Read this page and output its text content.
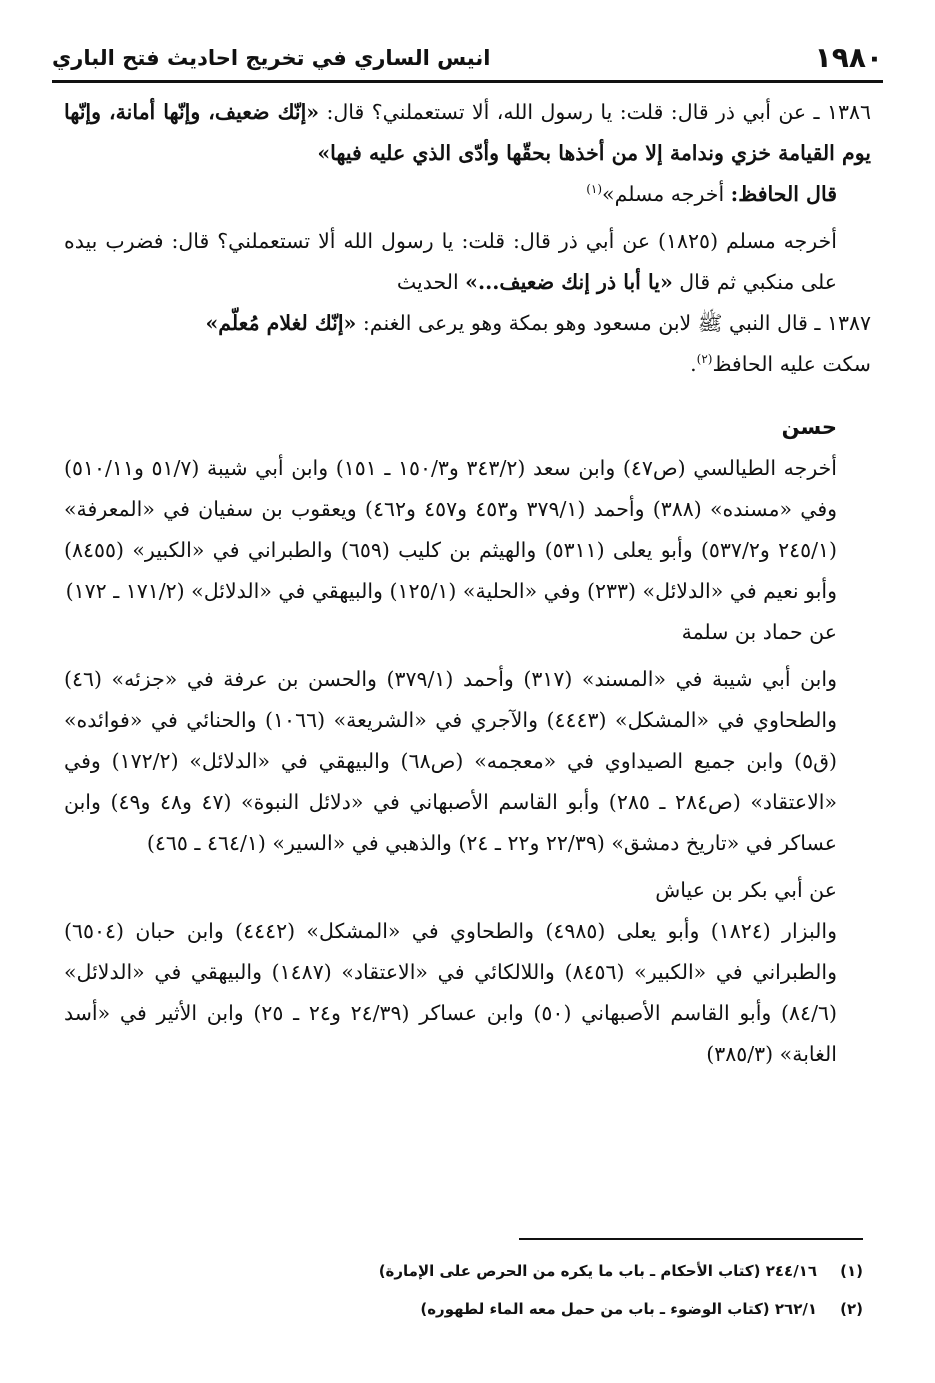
١٩٨٠
انيس الساري في تخريج احاديث فتح الباري

١٣٨٦ ـ عن أبي ذر قال: قلت: يا رسول الله، ألا تستعملني؟ قال: «إنّك ضعيف، وإنّها أمانة، وإنّها يوم القيامة خزي وندامة إلا من أخذها بحقّها وأدّى الذي عليه فيها»

قال الحافظ: أخرجه مسلم»$^{(١)}$

أخرجه مسلم (١٨٢٥) عن أبي ذر قال: قلت: يا رسول الله ألا تستعملني؟ قال: فضرب بيده على منكبي ثم قال «يا أبا ذر إنك ضعيف...» الحديث

١٣٨٧ ـ قال النبي ﷺ لابن مسعود وهو بمكة وهو يرعى الغنم: «إنّك لغلام مُعلّم»

سكت عليه الحافظ$^{(٢)}$.

حسن

أخرجه الطيالسي (ص٤٧) وابن سعد (٣٤٣/٢ و١٥٠/٣ ـ ١٥١) وابن أبي شيبة (٥١/٧ و٥١٠/١١) وفي «مسنده» (٣٨٨) وأحمد (٣٧٩/١ و٤٥٣ و٤٥٧ و٤٦٢) ويعقوب بن سفيان في «المعرفة» (٢٤٥/١ و٥٣٧/٢) وأبو يعلى (٥٣١١) والهيثم بن كليب (٦٥٩) والطبراني في «الكبير» (٨٤٥٥) وأبو نعيم في «الدلائل» (٢٣٣) وفي «الحلية» (١٢٥/١) والبيهقي في «الدلائل» (١٧١/٢ ـ ١٧٢)

عن حماد بن سلمة

وابن أبي شيبة في «المسند» (٣١٧) وأحمد (٣٧٩/١) والحسن بن عرفة في «جزئه» (٤٦) والطحاوي في «المشكل» (٤٤٤٣) والآجري في «الشريعة» (١٠٦٦) والحنائي في «فوائده» (ق٥) وابن جميع الصيداوي في «معجمه» (ص٦٨) والبيهقي في «الدلائل» (١٧٢/٢) وفي «الاعتقاد» (ص٢٨٤ ـ ٢٨٥) وأبو القاسم الأصبهاني في «دلائل النبوة» (٤٧ و٤٨ و٤٩) وابن عساكر في «تاريخ دمشق» (٢٢/٣٩ و٢٢ ـ ٢٤) والذهبي في «السير» (٤٦٤/١ ـ ٤٦٥)

عن أبي بكر بن عياش

والبزار (١٨٢٤) وأبو يعلى (٤٩٨٥) والطحاوي في «المشكل» (٤٤٤٢) وابن حبان (٦٥٠٤) والطبراني في «الكبير» (٨٤٥٦) واللالكائي في «الاعتقاد» (١٤٨٧) والبيهقي في «الدلائل» (٨٤/٦) وأبو القاسم الأصبهاني (٥٠) وابن عساكر (٢٤/٣٩ و٢٤ ـ ٢٥) وابن الأثير في «أسد الغابة» (٣٨٥/٣)

(١)
٢٤٤/١٦ (كتاب الأحكام ـ باب ما يكره من الحرص على الإمارة)
(٢)
٢٦٢/١ (كتاب الوضوء ـ باب من حمل معه الماء لطهوره)
